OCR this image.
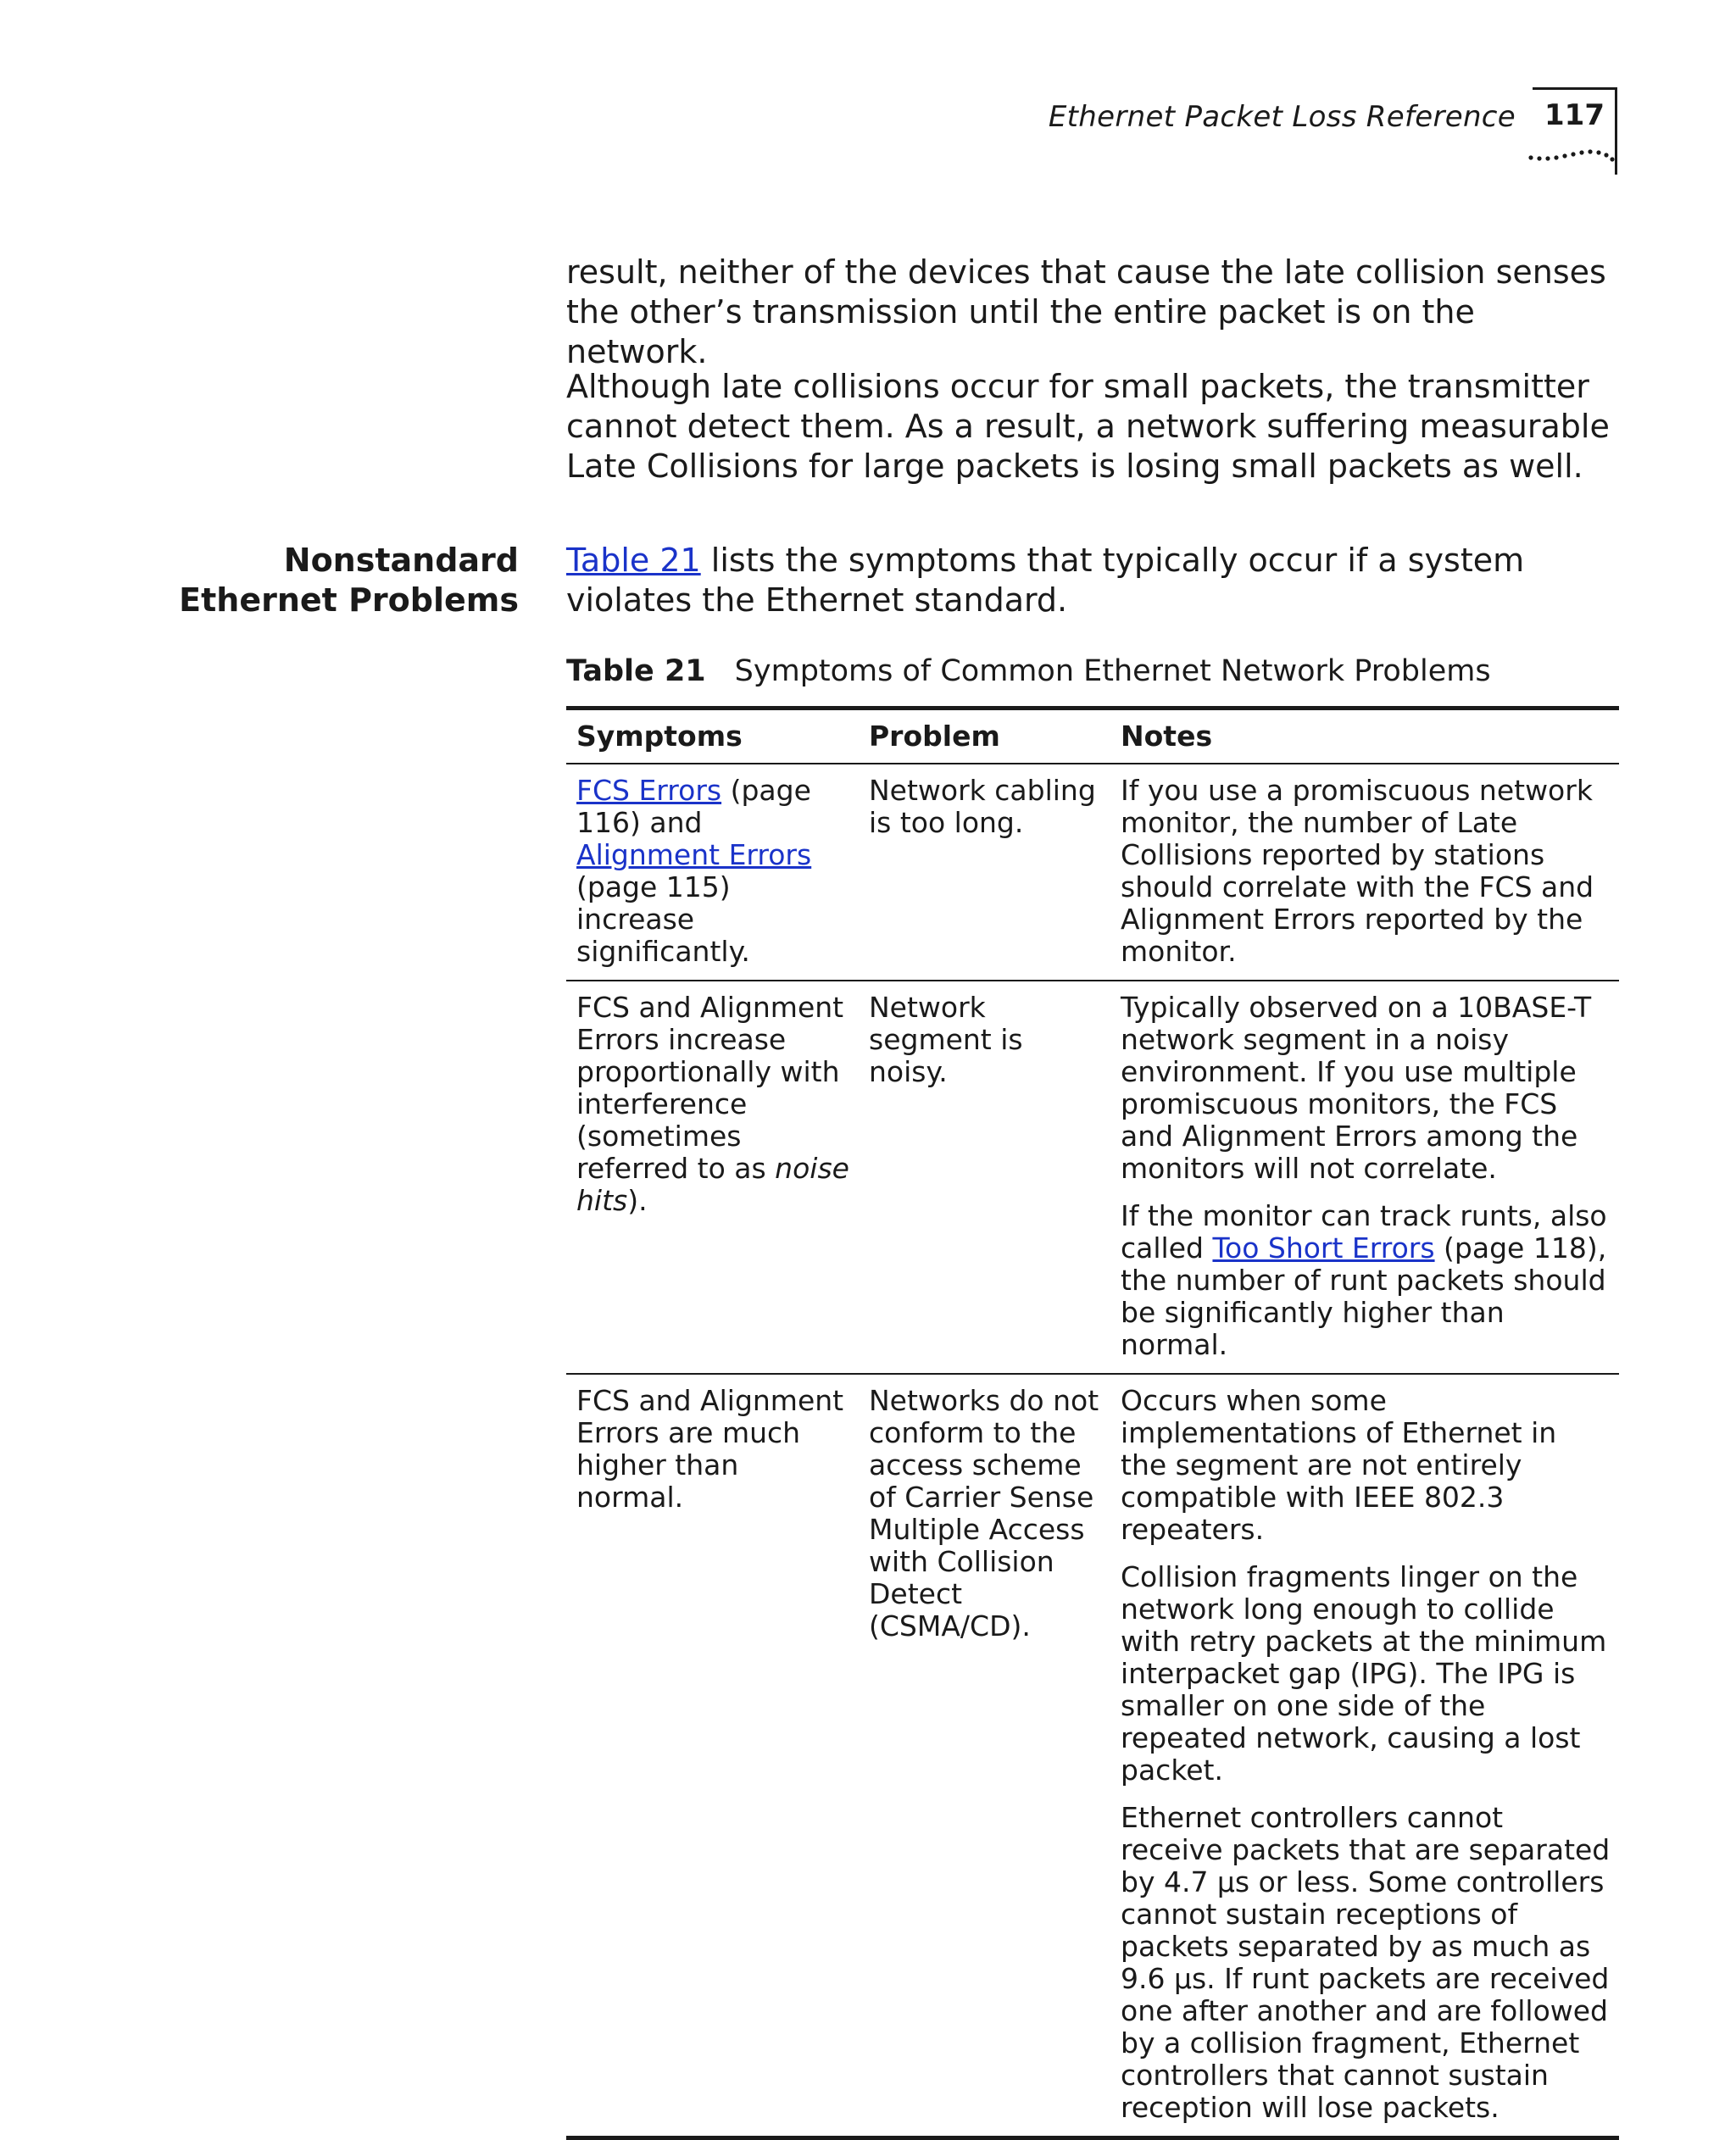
Ethernet Packet Loss Reference 117

result, neither of the devices that cause the late collision senses the other’s transmission until the entire packet is on the network.

Although late collisions occur for small packets, the transmitter cannot detect them. As a result, a network suffering measurable Late Collisions for large packets is losing small packets as well.

Nonstandard
Ethernet Problems

Table 21 lists the symptoms that typically occur if a system violates the Ethernet standard.

Table 21 Symptoms of Common Ethernet Network Problems
Symptoms	Problem	Notes
FCS Errors (page 116) and Alignment Errors (page 115) increase significantly.	Network cabling is too long.	If you use a promiscuous network monitor, the number of Late Collisions reported by stations should correlate with the FCS and Alignment Errors reported by the monitor.
FCS and Alignment Errors increase proportionally with interference (sometimes referred to as noise hits).	Network segment is noisy.	Typically observed on a 10BASE-T network segment in a noisy environment. If you use multiple promiscuous monitors, the FCS and Alignment Errors among the monitors will not correlate.

If the monitor can track runts, also called Too Short Errors (page 118), the number of runt packets should be significantly higher than normal.

FCS and Alignment Errors are much higher than normal.	Networks do not conform to the access scheme of Carrier Sense Multiple Access with Collision Detect (CSMA/CD).	Occurs when some implementations of Ethernet in the segment are not entirely compatible with IEEE 802.3 repeaters.

Collision fragments linger on the network long enough to collide with retry packets at the minimum interpacket gap (IPG). The IPG is smaller on one side of the repeated network, causing a lost packet.

Ethernet controllers cannot receive packets that are separated by 4.7 µs or less. Some controllers cannot sustain receptions of packets separated by as much as 9.6 µs. If runt packets are received one after another and are followed by a collision fragment, Ethernet controllers that cannot sustain reception will lose packets.
